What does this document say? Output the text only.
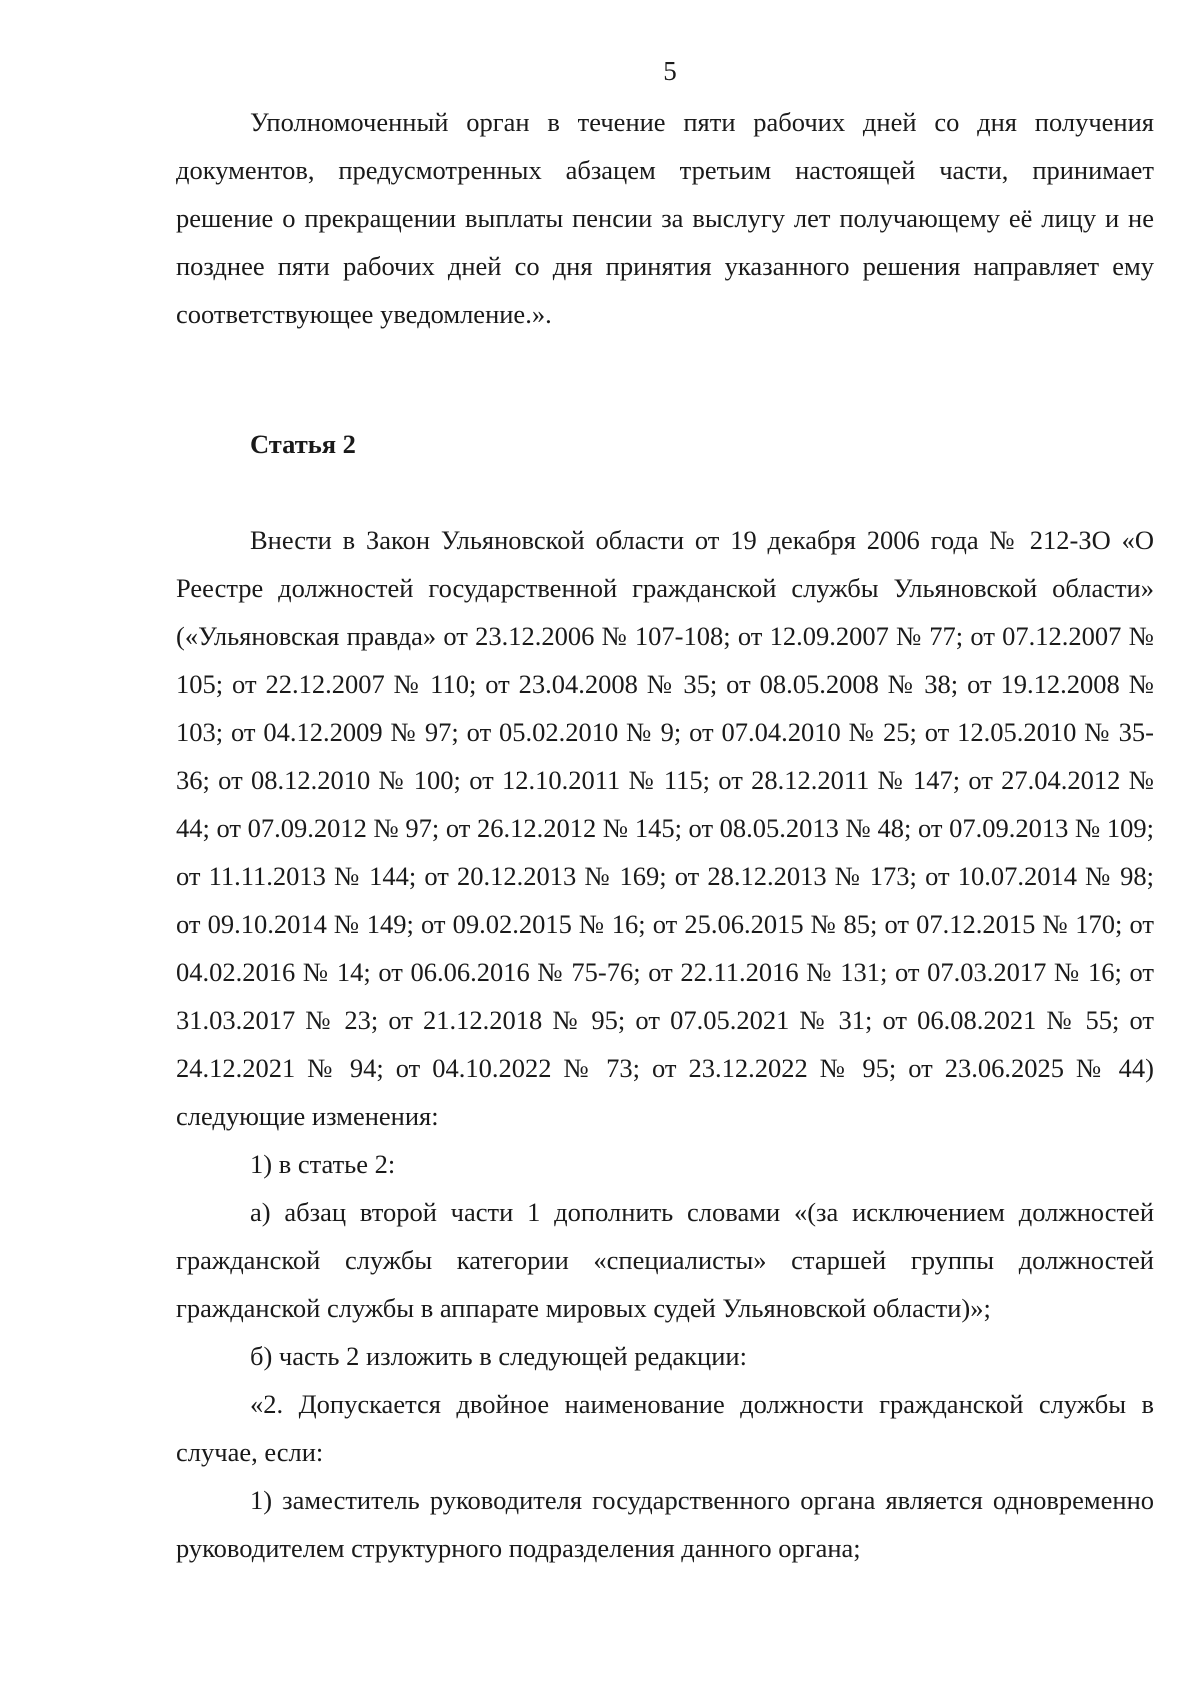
5

Уполномоченный орган в течение пяти рабочих дней со дня получения документов, предусмотренных абзацем третьим настоящей части, принимает решение о прекращении выплаты пенсии за выслугу лет получающему её лицу и не позднее пяти рабочих дней со дня принятия указанного решения направляет ему соответствующее уведомление.».

Статья 2

Внести в Закон Ульяновской области от 19 декабря 2006 года № 212-ЗО «О Реестре должностей государственной гражданской службы Ульяновской области» («Ульяновская правда» от 23.12.2006 № 107-108; от 12.09.2007 № 77; от 07.12.2007 № 105; от 22.12.2007 № 110; от 23.04.2008 № 35; от 08.05.2008 № 38; от 19.12.2008 № 103; от 04.12.2009 № 97; от 05.02.2010 № 9; от 07.04.2010 № 25; от 12.05.2010 № 35-36; от 08.12.2010 № 100; от 12.10.2011 № 115; от 28.12.2011 № 147; от 27.04.2012 № 44; от 07.09.2012 № 97; от 26.12.2012 № 145; от 08.05.2013 № 48; от 07.09.2013 № 109; от 11.11.2013 № 144; от 20.12.2013 № 169; от 28.12.2013 № 173; от 10.07.2014 № 98; от 09.10.2014 № 149; от 09.02.2015 № 16; от 25.06.2015 № 85; от 07.12.2015 № 170; от 04.02.2016 № 14; от 06.06.2016 № 75-76; от 22.11.2016 № 131; от 07.03.2017 № 16; от 31.03.2017 № 23; от 21.12.2018 № 95; от 07.05.2021 № 31; от 06.08.2021 № 55; от 24.12.2021 № 94; от 04.10.2022 № 73; от 23.12.2022 № 95; от 23.06.2025 № 44) следующие изменения:

1) в статье 2:

а) абзац второй части 1 дополнить словами «(за исключением должностей гражданской службы категории «специалисты» старшей группы должностей гражданской службы в аппарате мировых судей Ульяновской области)»;

б) часть 2 изложить в следующей редакции:

«2. Допускается двойное наименование должности гражданской службы в случае, если:

1) заместитель руководителя государственного органа является одновременно руководителем структурного подразделения данного органа;
